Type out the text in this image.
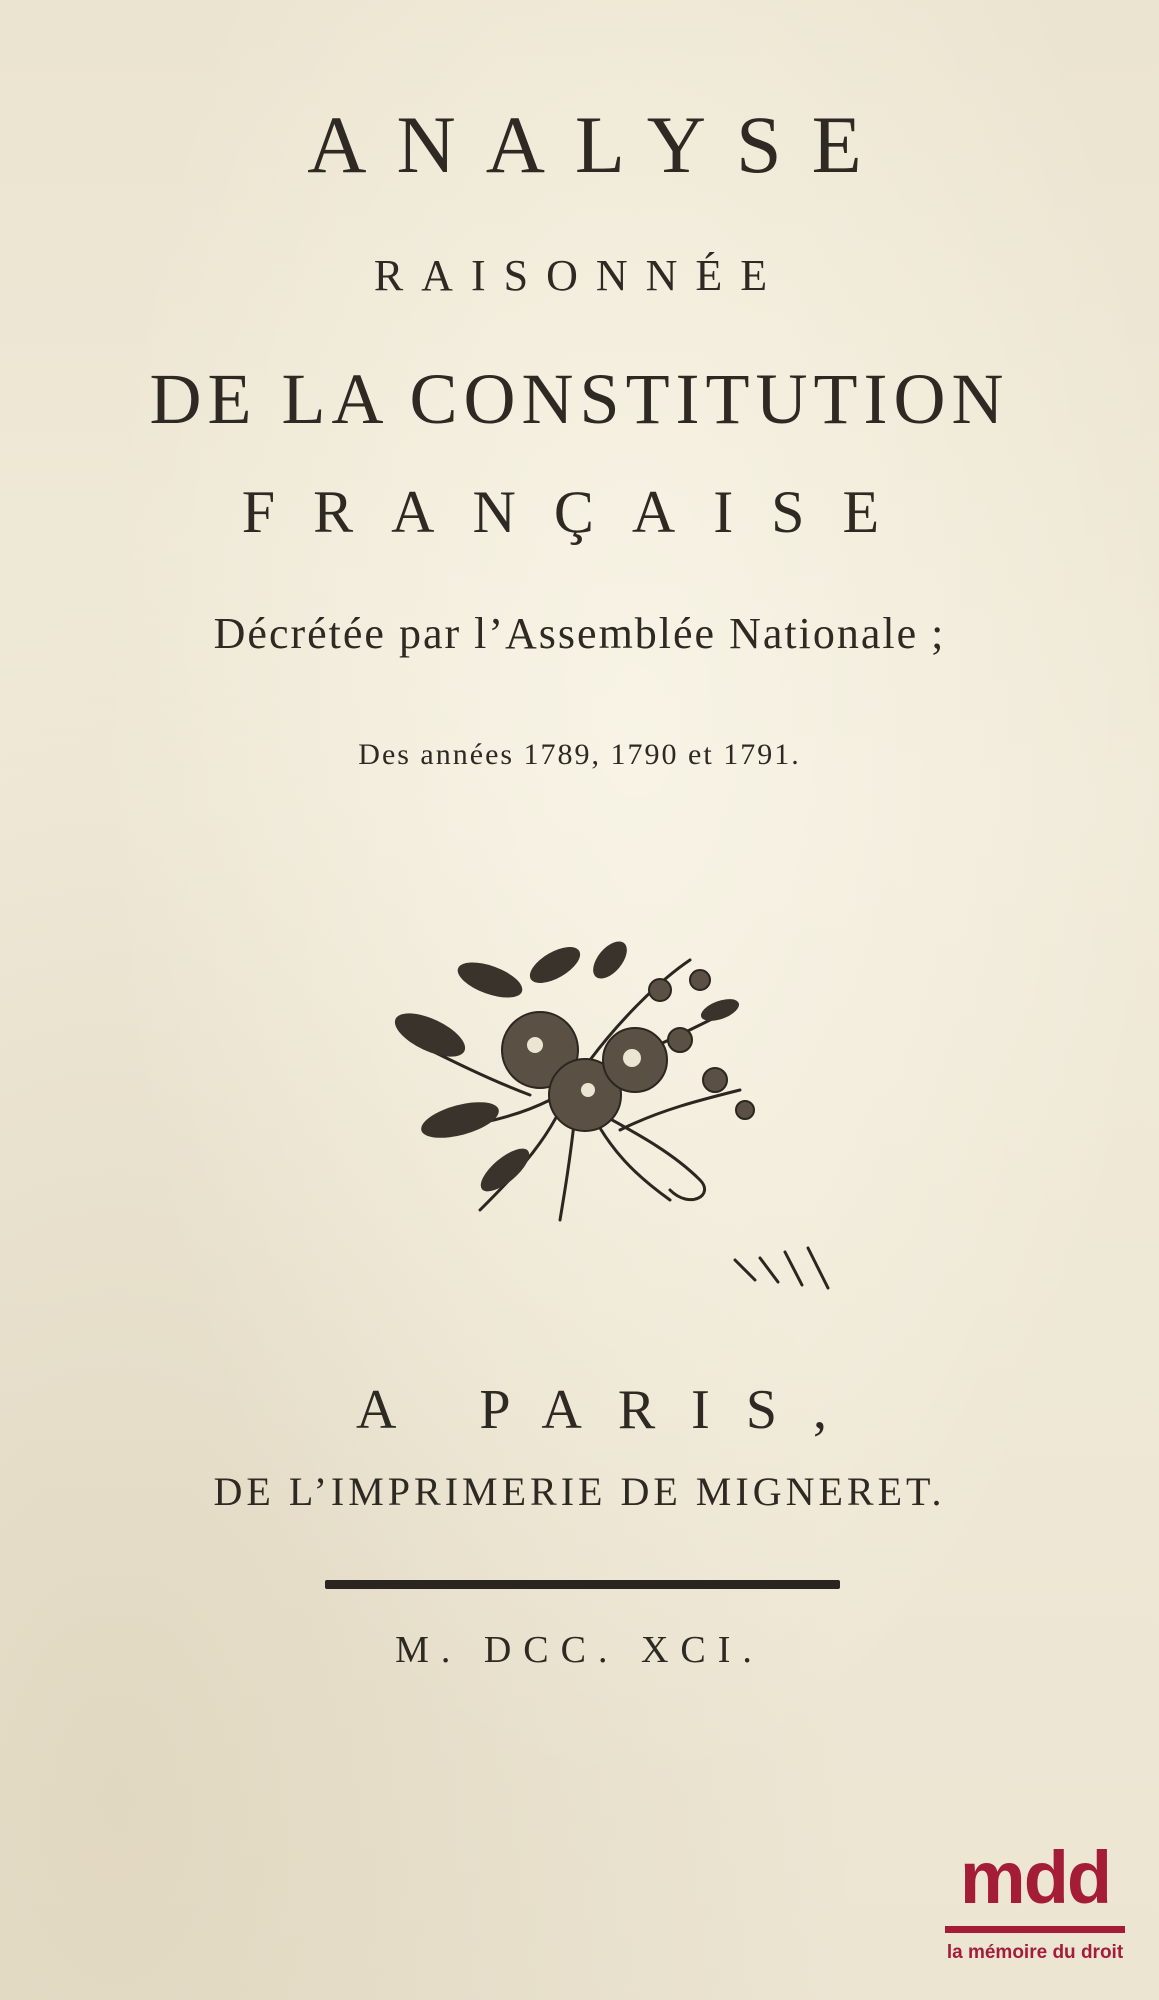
ANALYSE
RAISONNÉE
DE LA CONSTITUTION
FRANÇAISE
Décrétée par l’Assemblée Nationale ;
Des années 1789, 1790 et 1791.
A PARIS,
DE L’IMPRIMERIE DE MIGNERET.
M. DCC. XCI.
mdd
la mémoire du droit
